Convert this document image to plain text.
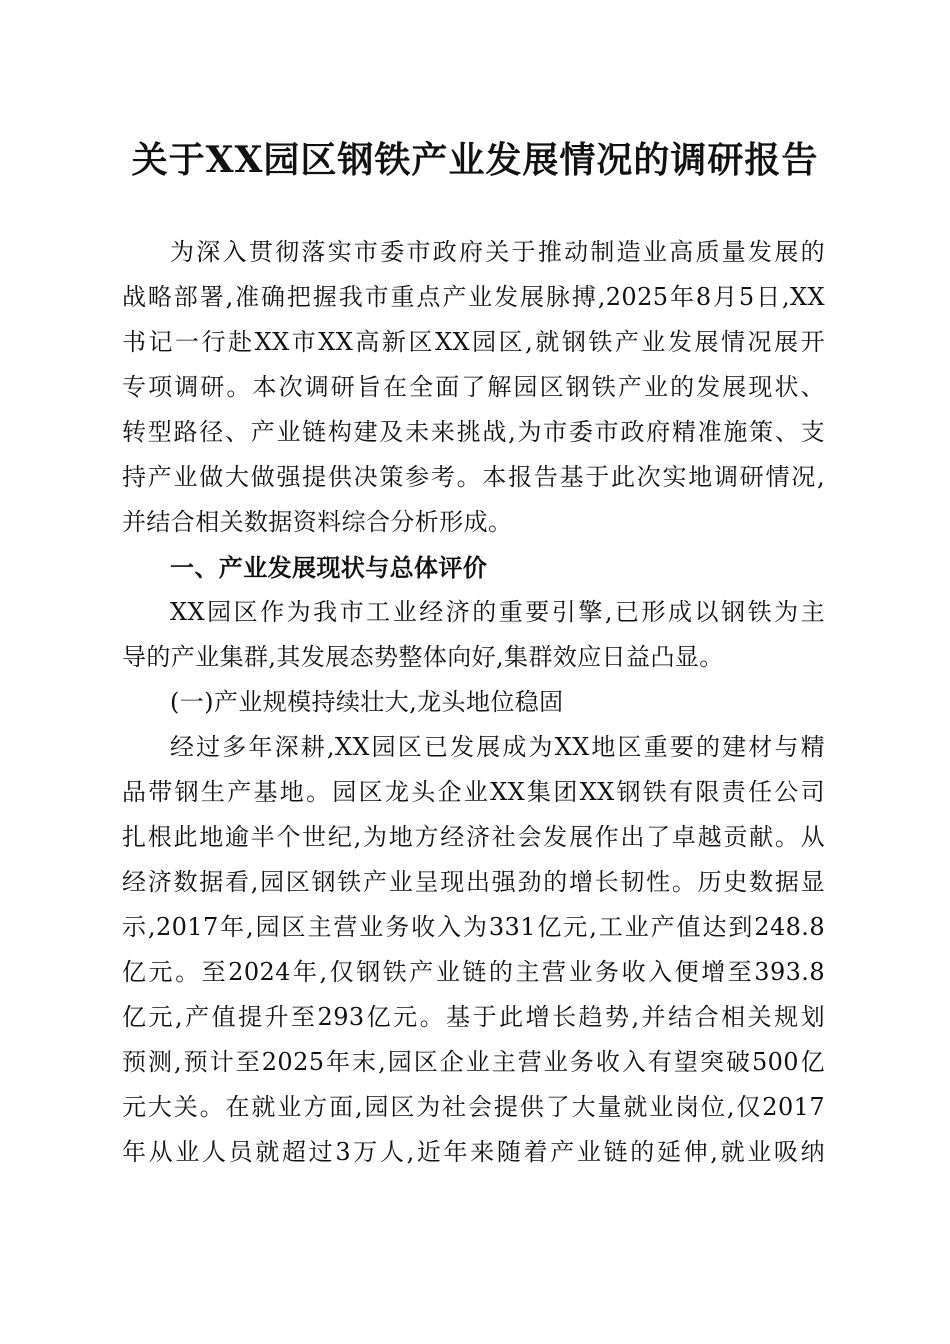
关于XX园区钢铁产业发展情况的调研报告
为深入贯彻落实市委市政府关于推动制造业高质量发展的
战略部署,准确把握我市重点产业发展脉搏,2025年8月5日,XX
书记一行赴XX市XX高新区XX园区,就钢铁产业发展情况展开
专项调研。本次调研旨在全面了解园区钢铁产业的发展现状、
转型路径、产业链构建及未来挑战,为市委市政府精准施策、支
持产业做大做强提供决策参考。本报告基于此次实地调研情况,
并结合相关数据资料综合分析形成。
一、产业发展现状与总体评价
XX园区作为我市工业经济的重要引擎,已形成以钢铁为主
导的产业集群,其发展态势整体向好,集群效应日益凸显。
(一)产业规模持续壮大,龙头地位稳固
经过多年深耕,XX园区已发展成为XX地区重要的建材与精
品带钢生产基地。园区龙头企业XX集团XX钢铁有限责任公司
扎根此地逾半个世纪,为地方经济社会发展作出了卓越贡献。从
经济数据看,园区钢铁产业呈现出强劲的增长韧性。历史数据显
示,2017年,园区主营业务收入为331亿元,工业产值达到248.8
亿元。至2024年,仅钢铁产业链的主营业务收入便增至393.8
亿元,产值提升至293亿元。基于此增长趋势,并结合相关规划
预测,预计至2025年末,园区企业主营业务收入有望突破500亿
元大关。在就业方面,园区为社会提供了大量就业岗位,仅2017
年从业人员就超过3万人,近年来随着产业链的延伸,就业吸纳
